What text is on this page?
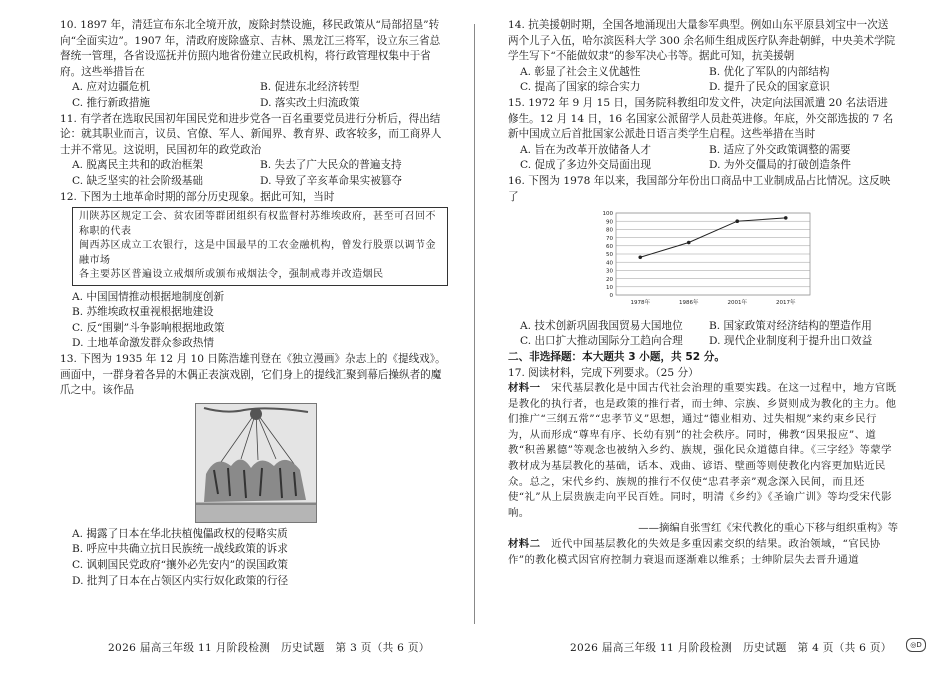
10. 1897 年，清廷宣布东北全境开放，废除封禁设施，移民政策从“局部招垦”转向“全面实边”。1907 年，清政府废除盛京、吉林、黑龙江三将军，设立东三省总督统一管理，各省设巡抚并仿照内地省份建立民政机构，将行政管理权集中于省府。这些举措旨在

A. 应对边疆危机	B. 促进东北经济转型
C. 推行新政措施	D. 落实改土归流政策

11. 有学者在选取民国初年国民党和进步党各一百名重要党员进行分析后，得出结论：就其职业而言，议员、官僚、军人、新闻界、教育界、政客较多，而工商界人士并不常见。这说明，民国初年的政党政治

A. 脱离民主共和的政治框架	B. 失去了广大民众的普遍支持
C. 缺乏坚实的社会阶级基础	D. 导致了辛亥革命果实被篡夺

12. 下图为土地革命时期的部分历史现象。据此可知，当时

川陕苏区规定工会、贫农团等群团组织有权监督村苏维埃政府，甚至可召回不称职的代表
闽西苏区成立工农银行，这是中国最早的工农金融机构，曾发行股票以调节金融市场
各主要苏区普遍设立戒烟所或颁布戒烟法令，强制戒毒并改造烟民
A. 中国国情推动根据地制度创新
B. 苏维埃政权重视根据地建设
C. 反“围剿”斗争影响根据地政策
D. 土地革命激发群众参政热情

13. 下图为 1935 年 12 月 10 日陈浩雄刊登在《独立漫画》杂志上的《提线戏》。画面中，一群身着各异的木偶正表演戏剧，它们身上的提线汇聚到幕后操纵者的魔爪之中。该作品

A. 揭露了日本在华北扶植傀儡政权的侵略实质
B. 呼应中共确立抗日民族统一战线政策的诉求
C. 讽刺国民党政府“攘外必先安内”的误国政策
D. 批判了日本在占领区内实行奴化政策的行径
2026 届高三年级 11 月阶段检测　历史试题　第 3 页（共 6 页）

14. 抗美援朝时期，全国各地涌现出大量参军典型。例如山东平原县刘宝中一次送两个儿子入伍，哈尔滨医科大学 300 余名师生组成医疗队奔赴朝鲜，中央美术学院学生写下“不能做奴隶”的参军决心书等。据此可知，抗美援朝

A. 彰显了社会主义优越性	B. 优化了军队的内部结构
C. 提高了国家的综合实力	D. 提升了民众的国家意识

15. 1972 年 9 月 15 日，国务院科教组印发文件，决定向法国派遣 20 名法语进修生。12 月 14 日，16 名国家公派留学人员赴英进修。年底，外交部选拔的 7 名新中国成立后首批国家公派赴日语言类学生启程。这些举措在当时

A. 旨在为改革开放储备人才	B. 适应了外交政策调整的需要
C. 促成了多边外交局面出现	D. 为外交僵局的打破创造条件

16. 下图为 1978 年以来，我国部分年份出口商品中工业制成品占比情况。这反映了

0
10
20
30
40
50
60
70
80
90
100
1978年	1986年	2001年	2017年
A. 技术创新巩固我国贸易大国地位	B. 国家政策对经济结构的塑造作用
C. 出口扩大推动国际分工趋向合理	D. 现代企业制度利于提升出口效益
二、非选择题：本大题共 3 小题，共 52 分。

17. 阅读材料，完成下列要求。（25 分）

材料一　宋代基层教化是中国古代社会治理的重要实践。在这一过程中，地方官既是教化的执行者，也是政策的推行者，而士绅、宗族、乡贤则成为教化的主力。他们推广“三纲五常”“忠孝节义”思想，通过“德业相劝、过失相规”来约束乡民行为，从而形成“尊卑有序、长幼有别”的社会秩序。同时，佛教“因果报应”、道教“积善累德”等观念也被纳入乡约、族规，强化民众道德自律。《三字经》等蒙学教材成为基层教化的基础，话本、戏曲、谚语、壁画等则使教化内容更加贴近民众。总之，宋代乡约、族规的推行不仅使“忠君孝亲”观念深入民间，而且还使“礼”从上层贵族走向平民百姓。同时，明清《乡约》《圣谕广训》等均受宋代影响。

——摘编自张雪红《宋代教化的重心下移与组织重构》等

材料二　近代中国基层教化的失效是多重因素交织的结果。政治领域，“官民协作”的教化模式因官府控制力衰退而逐渐难以维系；士绅阶层失去晋升通道

2026 届高三年级 11 月阶段检测　历史试题　第 4 页（共 6 页）	◎D
